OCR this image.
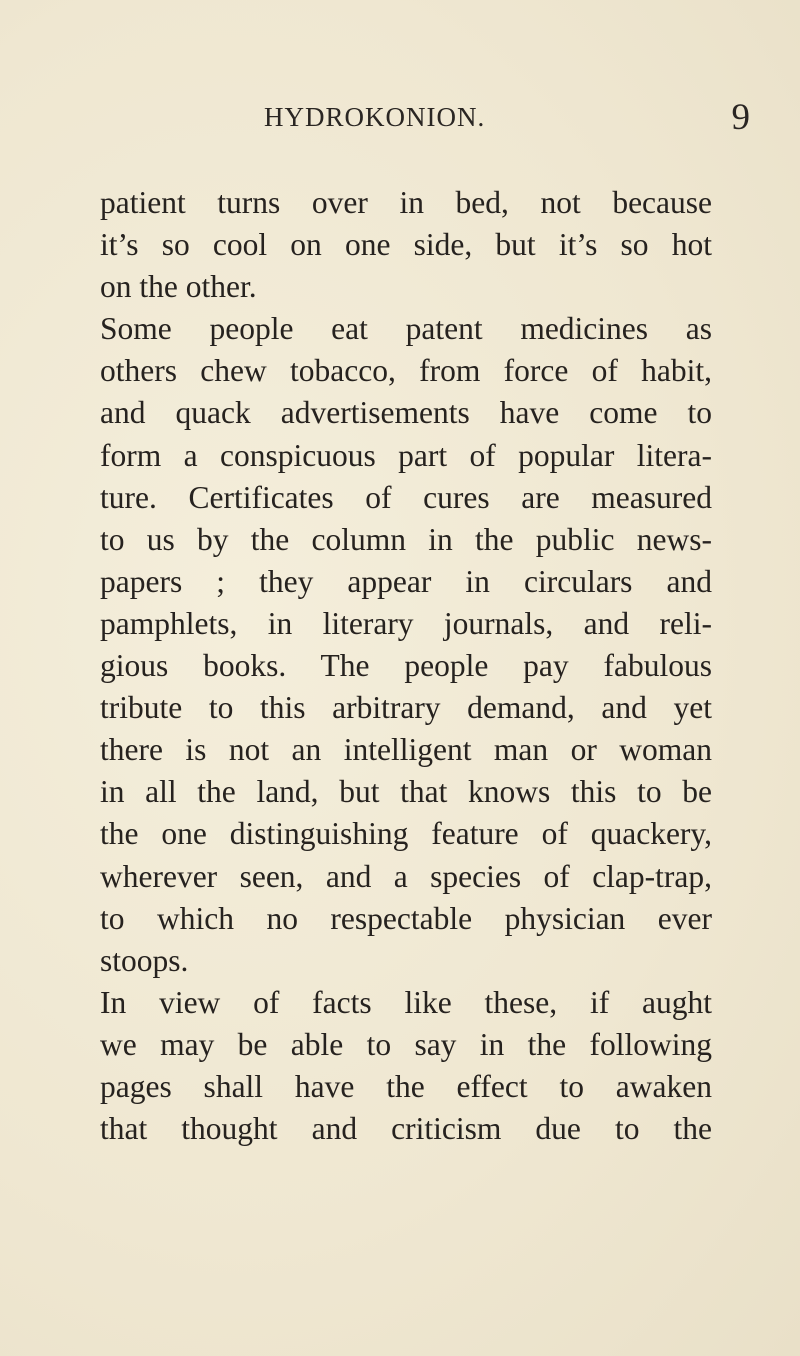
HYDROKONION.	9
patient turns over in bed, not because
it’s so cool on one side, but it’s so hot
on the other.
Some people eat patent medicines as
others chew tobacco, from force of habit,
and quack advertisements have come to
form a conspicuous part of popular litera-
ture. Certificates of cures are measured
to us by the column in the public news-
papers ; they appear in circulars and
pamphlets, in literary journals, and reli-
gious books. The people pay fabulous
tribute to this arbitrary demand, and yet
there is not an intelligent man or woman
in all the land, but that knows this to be
the one distinguishing feature of quackery,
wherever seen, and a species of clap-trap,
to which no respectable physician ever
stoops.
In view of facts like these, if aught
we may be able to say in the following
pages shall have the effect to awaken
that thought and criticism due to the
